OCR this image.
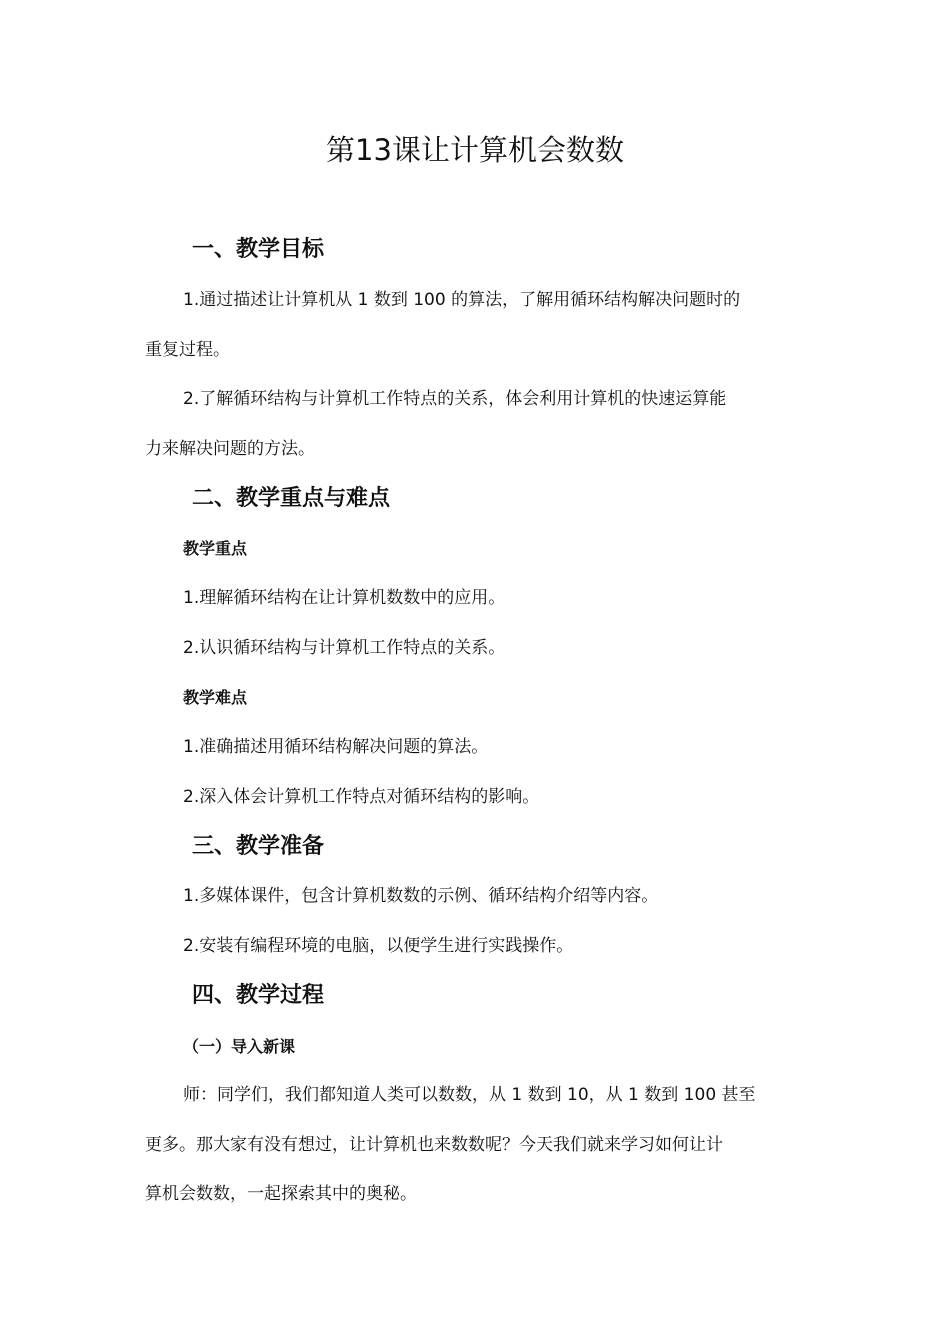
第13课让计算机会数数
一、教学目标

1.通过描述让计算机从 1 数到 100 的算法，了解用循环结构解决问题时的

重复过程。

2.了解循环结构与计算机工作特点的关系，体会利用计算机的快速运算能

力来解决问题的方法。

二、教学重点与难点
教学重点

1.理解循环结构在让计算机数数中的应用。

2.认识循环结构与计算机工作特点的关系。

教学难点

1.准确描述用循环结构解决问题的算法。

2.深入体会计算机工作特点对循环结构的影响。

三、教学准备

1.多媒体课件，包含计算机数数的示例、循环结构介绍等内容。

2.安装有编程环境的电脑，以便学生进行实践操作。

四、教学过程
（一）导入新课

师：同学们，我们都知道人类可以数数，从 1 数到 10，从 1 数到 100 甚至

更多。那大家有没有想过，让计算机也来数数呢？今天我们就来学习如何让计

算机会数数，一起探索其中的奥秘。
